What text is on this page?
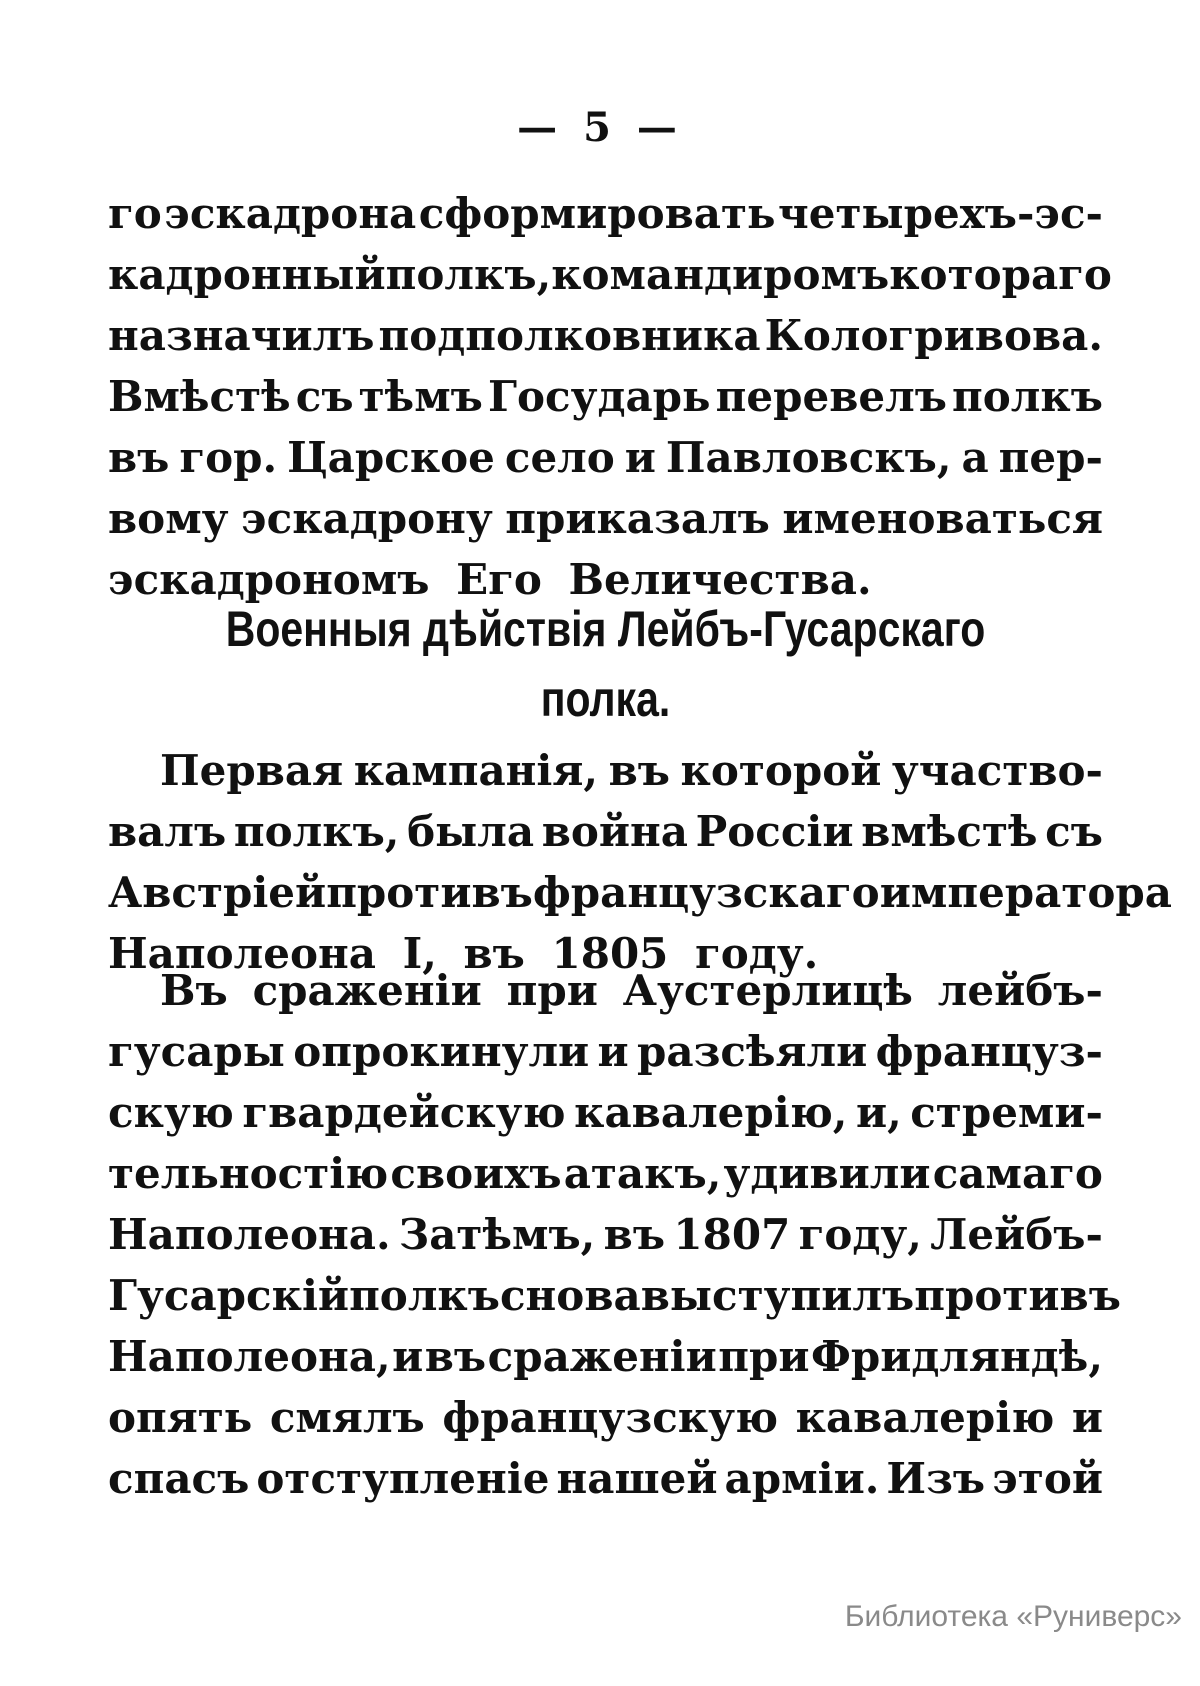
— 5 —
го эскадрона сформировать четырехъ-эс-
кадронный полкъ, командиромъ котораго
назначилъ подполковника Кологривова.
Вмѣстѣ съ тѣмъ Государь перевелъ полкъ
въ гор. Царское село и Павловскъ, а пер-
вому эскадрону приказалъ именоваться
эскадрономъ Его Величества.
Военныя дѣйствія Лейбъ-Гусарскаго
полка.
Первая кампанія, въ которой участво-
валъ полкъ, была война Россіи вмѣстѣ съ
Австріей противъ французскаго императора
Наполеона I, въ 1805 году.
Въ сраженіи при Аустерлицѣ лейбъ-
гусары опрокинули и разсѣяли француз-
скую гвардейскую кавалерію, и, стреми-
тельностію своихъ атакъ, удивили самаго
Наполеона. Затѣмъ, въ 1807 году, Лейбъ-
Гусарскій полкъ снова выступилъ противъ
Наполеона, и въ сраженіи при Фридляндѣ,
опять смялъ французскую кавалерію и
спасъ отступленіе нашей арміи. Изъ этой
Библиотека «Руниверс»
